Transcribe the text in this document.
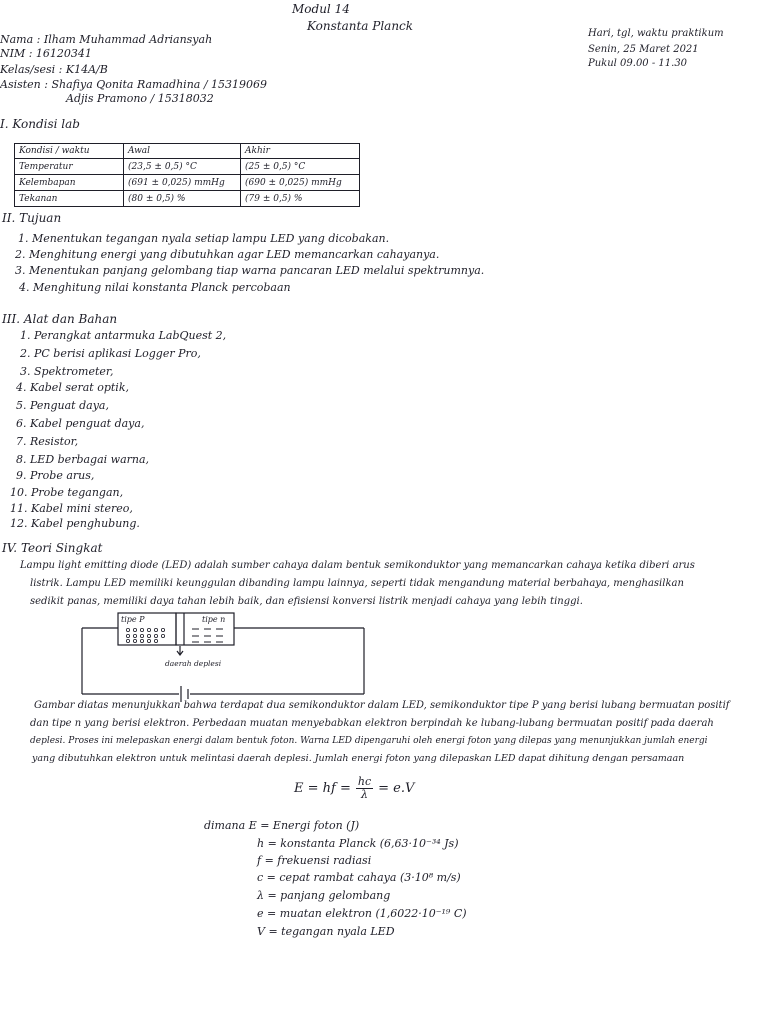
Modul 14
Konstanta Planck
Nama : Ilham Muhammad Adriansyah
NIM : 16120341
Kelas/sesi : K14A/B
Asisten : Shafiya Qonita Ramadhina / 15319069
Adjis Pramono / 15318032
Hari, tgl, waktu praktikum
Senin, 25 Maret 2021
Pukul 09.00 - 11.30
I. Kondisi lab
Kondisi / waktu	Awal	Akhir
Temperatur	(23,5 ± 0,5) °C	(25 ± 0,5) °C
Kelembapan	(691 ± 0,025) mmHg	(690 ± 0,025) mmHg
Tekanan	(80 ± 0,5) %	(79 ± 0,5) %
II. Tujuan
1. Menentukan tegangan nyala setiap lampu LED yang dicobakan.
2. Menghitung energi yang dibutuhkan agar LED memancarkan cahayanya.
3. Menentukan panjang gelombang tiap warna pancaran LED melalui spektrumnya.
4. Menghitung nilai konstanta Planck percobaan
III. Alat dan Bahan
1. Perangkat antarmuka LabQuest 2,
2. PC berisi aplikasi Logger Pro,
3. Spektrometer,
4. Kabel serat optik,
5. Penguat daya,
6. Kabel penguat daya,
7. Resistor,
8. LED berbagai warna,
9. Probe arus,
10. Probe tegangan,
11. Kabel mini stereo,
12. Kabel penghubung.
IV. Teori Singkat
Lampu light emitting diode (LED) adalah sumber cahaya dalam bentuk semikonduktor yang memancarkan cahaya ketika diberi arus
listrik. Lampu LED memiliki keunggulan dibanding lampu lainnya, seperti tidak mengandung material berbahaya, menghasilkan
sedikit panas, memiliki daya tahan lebih baik, dan efisiensi konversi listrik menjadi cahaya yang lebih tinggi.
tipe P	tipe n
daerah deplesi
Gambar diatas menunjukkan bahwa terdapat dua semikonduktor dalam LED, semikonduktor tipe P yang berisi lubang bermuatan positif
dan tipe n yang berisi elektron. Perbedaan muatan menyebabkan elektron berpindah ke lubang-lubang bermuatan positif pada daerah
deplesi. Proses ini melepaskan energi dalam bentuk foton. Warna LED dipengaruhi oleh energi foton yang dilepas yang menunjukkan jumlah energi
yang dibutuhkan elektron untuk melintasi daerah deplesi. Jumlah energi foton yang dilepaskan LED dapat dihitung dengan persamaan
E = hf = $\frac{hc}{\lambda} = e.V$
dimana E = Energi foton (J)
h = konstanta Planck (6,63·10⁻³⁴ Js)
f = frekuensi radiasi
c = cepat rambat cahaya (3·10⁸ m/s)
λ = panjang gelombang
e = muatan elektron (1,6022·10⁻¹⁹ C)
V = tegangan nyala LED
